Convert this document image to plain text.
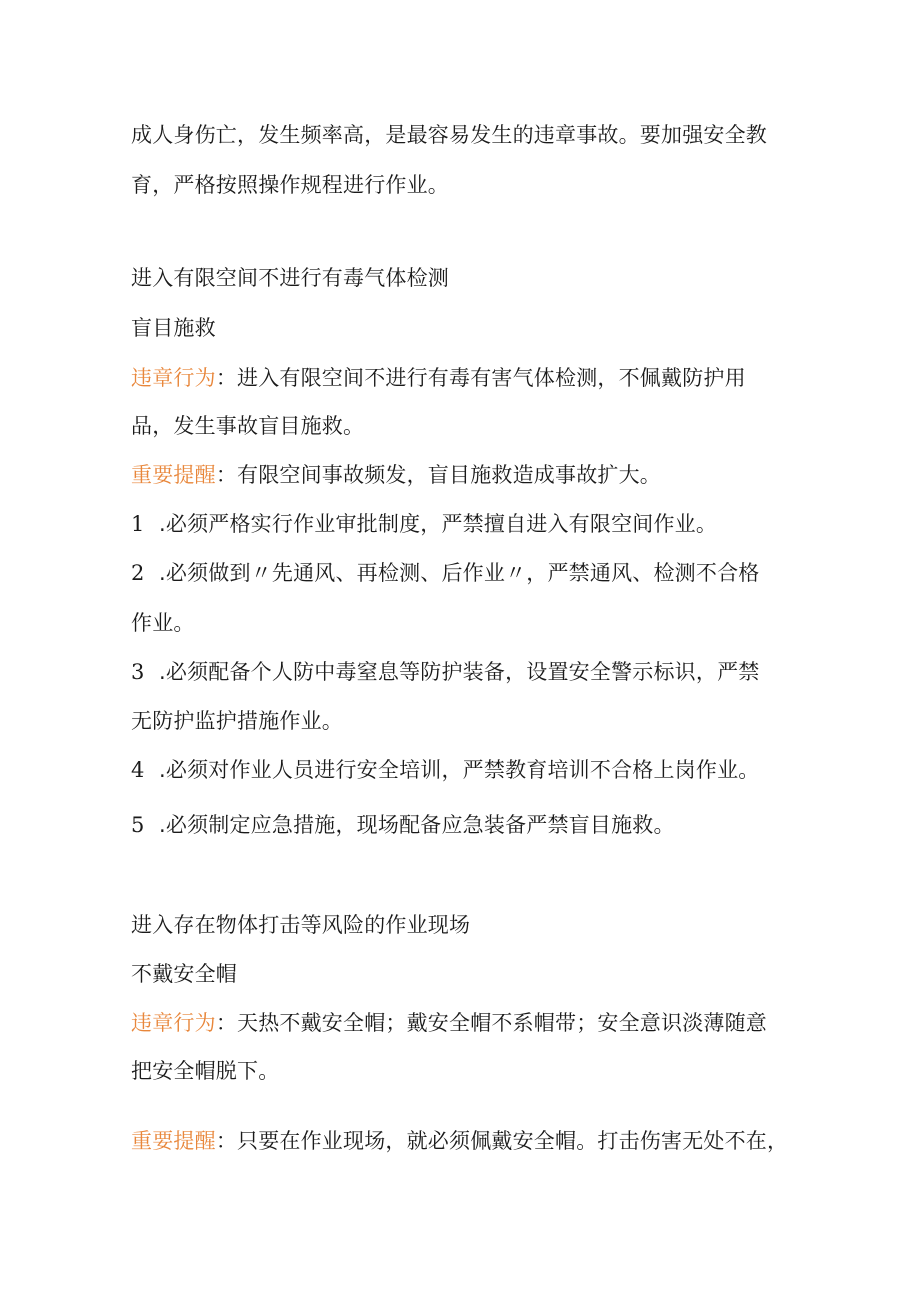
成人身伤亡，发生频率高，是最容易发生的违章事故。要加强安全教
育，严格按照操作规程进行作业。
进入有限空间不进行有毒气体检测
盲目施救
违章行为：进入有限空间不进行有毒有害气体检测，不佩戴防护用
品，发生事故盲目施救。
重要提醒：有限空间事故频发，盲目施救造成事故扩大。
1 .必须严格实行作业审批制度，严禁擅自进入有限空间作业。
2 .必须做到〃先通风、再检测、后作业〃，严禁通风、检测不合格
作业。
3 .必须配备个人防中毒窒息等防护装备，设置安全警示标识，严禁
无防护监护措施作业。
4 .必须对作业人员进行安全培训，严禁教育培训不合格上岗作业。
5 .必须制定应急措施，现场配备应急装备严禁盲目施救。
进入存在物体打击等风险的作业现场
不戴安全帽
违章行为：天热不戴安全帽；戴安全帽不系帽带；安全意识淡薄随意
把安全帽脱下。
重要提醒：只要在作业现场，就必须佩戴安全帽。打击伤害无处不在，
